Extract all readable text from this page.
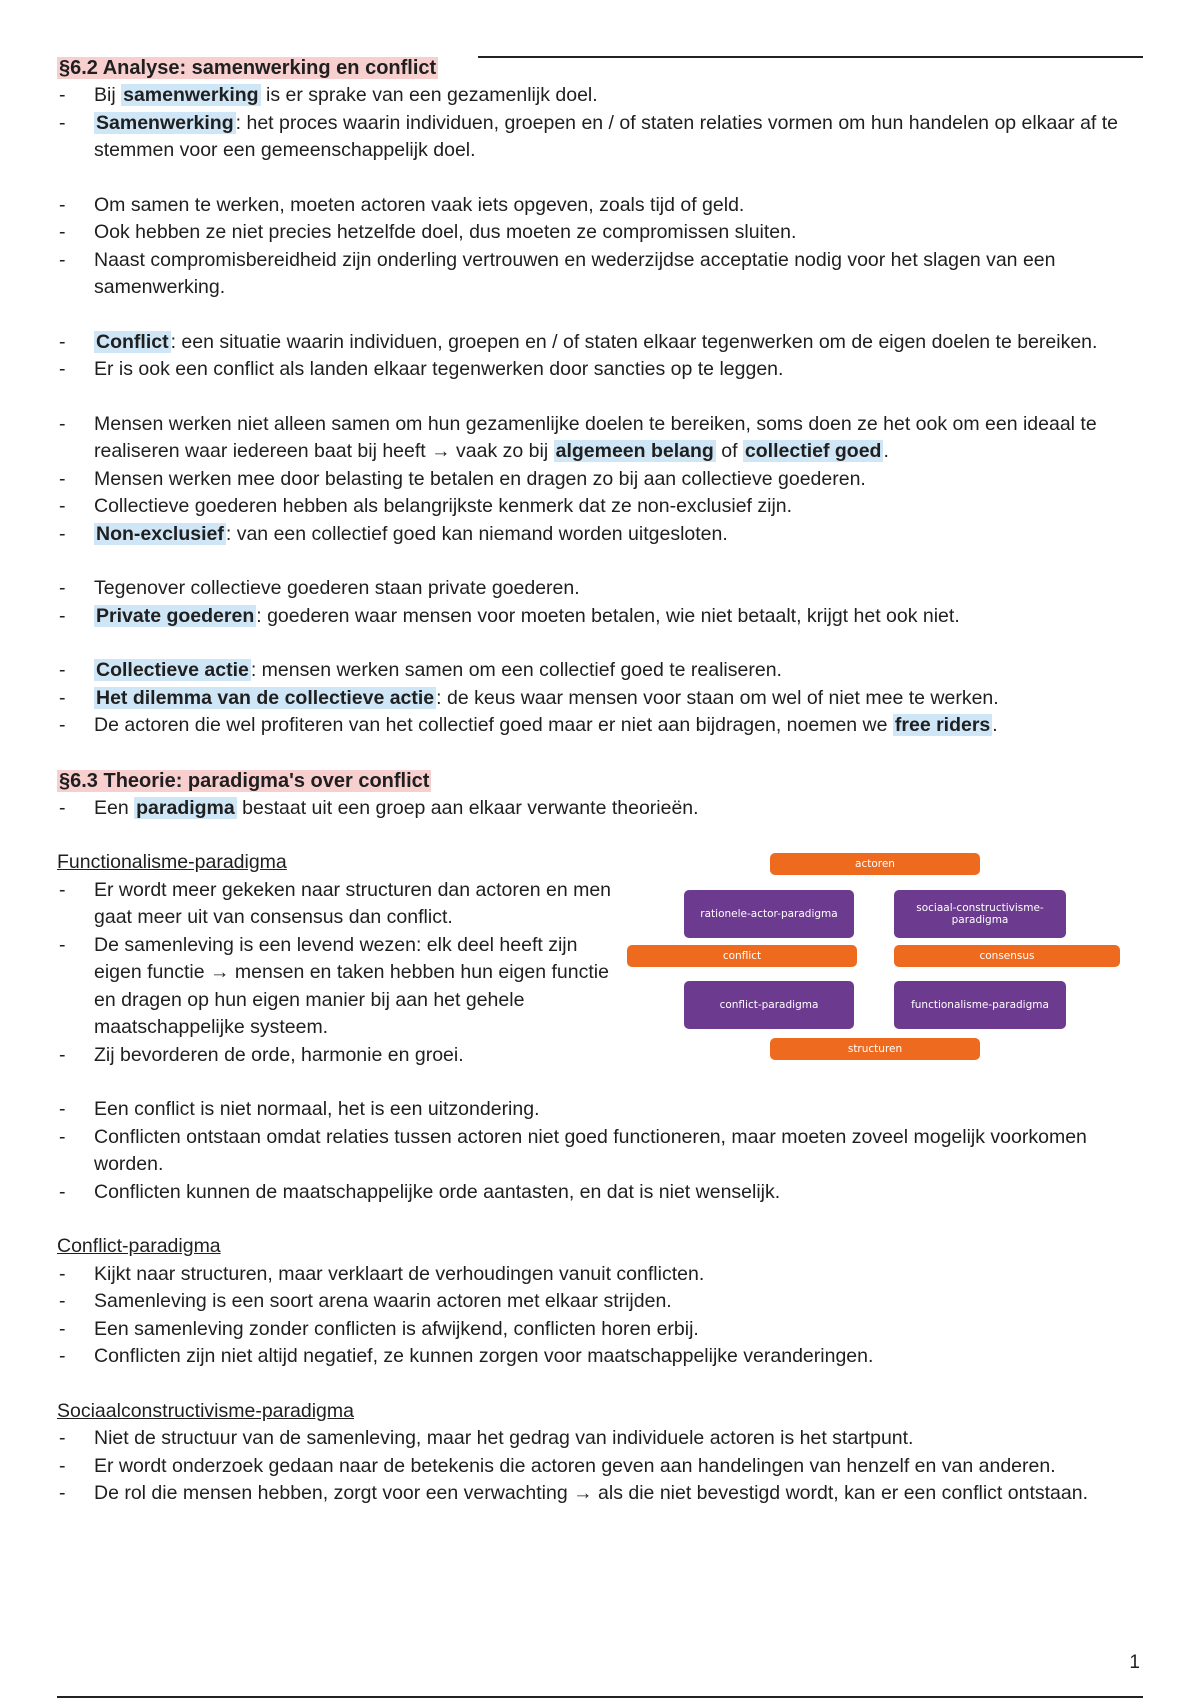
§6.2 Analyse: samenwerking en conflict
- Bij samenwerking is er sprake van een gezamenlijk doel.
- Samenwerking : het proces waarin individuen, groepen en / of staten relaties vormen om hun handelen op elkaar af te stemmen voor een gemeenschappelijk doel.
- Om samen te werken, moeten actoren vaak iets opgeven, zoals tijd of geld.
- Ook hebben ze niet precies hetzelfde doel, dus moeten ze compromissen sluiten.
- Naast compromisbereidheid zijn onderling vertrouwen en wederzijdse acceptatie nodig voor het slagen van een samenwerking.
- Conflict : een situatie waarin individuen, groepen en / of staten elkaar tegenwerken om de eigen doelen te bereiken.
- Er is ook een conflict als landen elkaar tegenwerken door sancties op te leggen.
- Mensen werken niet alleen samen om hun gezamenlijke doelen te bereiken, soms doen ze het ook om een ideaal te realiseren waar iedereen baat bij heeft → vaak zo bij algemeen belang of collectief goed .
- Mensen werken mee door belasting te betalen en dragen zo bij aan collectieve goederen.
- Collectieve goederen hebben als belangrijkste kenmerk dat ze non-exclusief zijn.
- Non-exclusief : van een collectief goed kan niemand worden uitgesloten.
- Tegenover collectieve goederen staan private goederen.
- Private goederen : goederen waar mensen voor moeten betalen, wie niet betaalt, krijgt het ook niet.
- Collectieve actie : mensen werken samen om een collectief goed te realiseren.
- Het dilemma van de collectieve actie : de keus waar mensen voor staan om wel of niet mee te werken.
- De actoren die wel profiteren van het collectief goed maar er niet aan bijdragen, noemen we free riders .
§6.3 Theorie: paradigma's over conflict
- Een paradigma bestaat uit een groep aan elkaar verwante theorieën.
Functionalisme-paradigma
- Er wordt meer gekeken naar structuren dan actoren en men gaat meer uit van consensus dan conflict.
- De samenleving is een levend wezen: elk deel heeft zijn eigen functie → mensen en taken hebben hun eigen functie en dragen op hun eigen manier bij aan het gehele maatschappelijke systeem.
- Zij bevorderen de orde, harmonie en groei.
actoren
rationele-actor-paradigma	sociaal-constructivisme-paradigma
conflict	consensus
conflict-paradigma	functionalisme-paradigma
structuren
- Een conflict is niet normaal, het is een uitzondering.
- Conflicten ontstaan omdat relaties tussen actoren niet goed functioneren, maar moeten zoveel mogelijk voorkomen worden.
- Conflicten kunnen de maatschappelijke orde aantasten, en dat is niet wenselijk.
Conflict-paradigma
- Kijkt naar structuren, maar verklaart de verhoudingen vanuit conflicten.
- Samenleving is een soort arena waarin actoren met elkaar strijden.
- Een samenleving zonder conflicten is afwijkend, conflicten horen erbij.
- Conflicten zijn niet altijd negatief, ze kunnen zorgen voor maatschappelijke veranderingen.
Sociaalconstructivisme-paradigma
- Niet de structuur van de samenleving, maar het gedrag van individuele actoren is het startpunt.
- Er wordt onderzoek gedaan naar de betekenis die actoren geven aan handelingen van henzelf en van anderen.
- De rol die mensen hebben, zorgt voor een verwachting → als die niet bevestigd wordt, kan er een conflict ontstaan.
1
